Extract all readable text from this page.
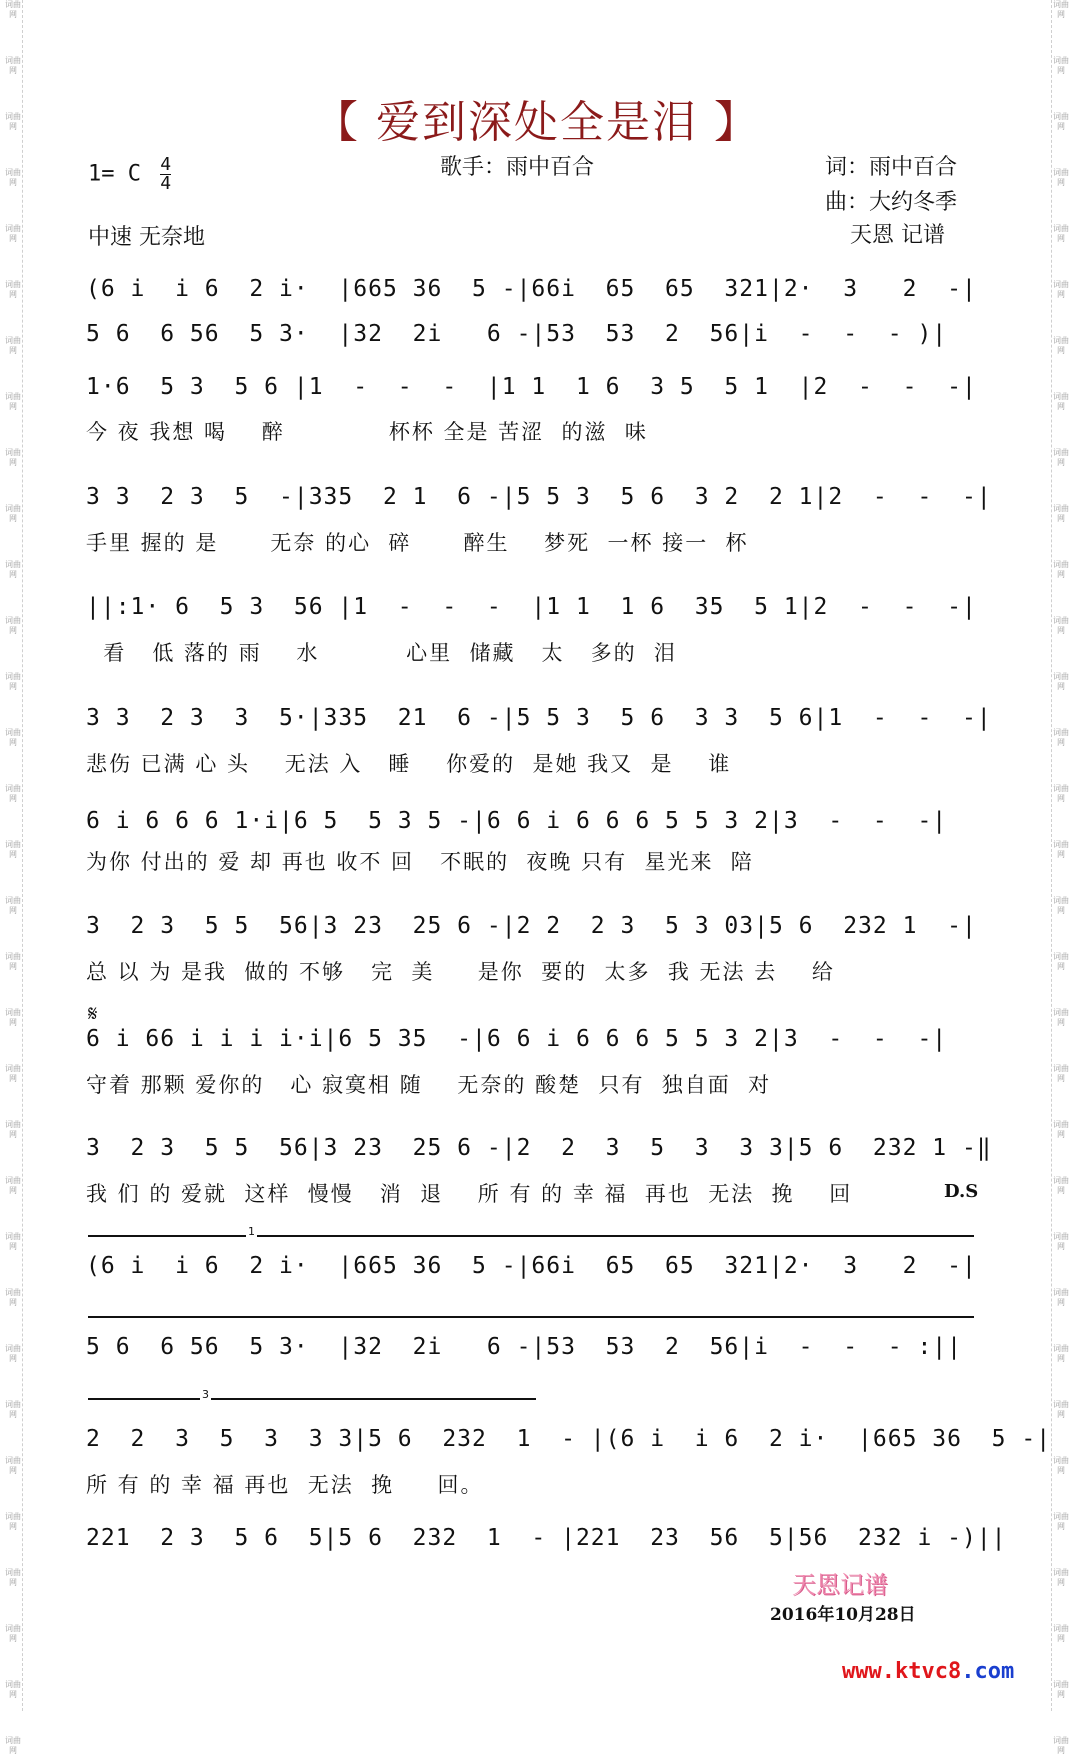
词曲网
词曲网
词曲网
词曲网
词曲网
词曲网
词曲网
词曲网
词曲网
词曲网
词曲网
词曲网
词曲网
词曲网
词曲网
词曲网
词曲网
词曲网
词曲网
词曲网
词曲网
词曲网
词曲网
词曲网
词曲网
词曲网
词曲网
词曲网
词曲网
词曲网
词曲网
词曲网
词曲网
词曲网
词曲网
词曲网
词曲网
词曲网
词曲网
词曲网
词曲网
词曲网
词曲网
词曲网
词曲网
词曲网
词曲网
词曲网
词曲网
词曲网
词曲网
词曲网
词曲网
词曲网
词曲网
词曲网
词曲网
词曲网
词曲网
词曲网
词曲网
词曲网
词曲网
词曲网
【 爱到深处全是泪 】
1= C $\frac{4}{4}$	歌手：雨中百合	词：雨中百合
曲：大约冬季
天恩 记谱
中速 无奈地
(6 i  i 6  2 i·  |665 36  5 -|66i  65  65  321|2·  3   2  -|
5 6  6 56  5 3·  |32  2i   6 -|53  53  2  56|i  -  -  - )|
1·6  5 3  5 6 |1  -  -  -  |1 1  1 6  3 5  5 1  |2  -  -  -|
今 夜 我想 喝    醉            杯杯 全是 苦涩  的滋  味
3 3  2 3  5  -|335  2 1  6 -|5 5 3  5 6  3 2  2 1|2  -  -  -|
手里 握的 是      无奈 的心  碎      醉生    梦死  一杯 接一  杯
||:1· 6  5 3  56 |1  -  -  -  |1 1  1 6  35  5 1|2  -  -  -|
看   低 落的 雨    水          心里  储藏   太   多的  泪
3 3  2 3  3  5·|335  21  6 -|5 5 3  5 6  3 3  5 6|1  -  -  -|
悲伤 已满 心 头    无法 入   睡    你爱的  是她 我又  是    谁
6 i 6 6 6 1·i|6 5  5 3 5 -|6 6 i 6 6 6 5 5 3 2|3  -  -  -|
为你 付出的 爱 却 再也 收不 回   不眠的  夜晚 只有  星光来  陪
3  2 3  5 5  56|3 23  25 6 -|2 2  2 3  5 3 03|5 6  232 1  -|
总 以 为 是我  做的 不够   完  美     是你  要的  太多  我 无法 去    给
𝄋
6 i 66 i i i i·i|6 5 35  -|6 6 i 6 6 6 5 5 3 2|3  -  -  -|
守着 那颗 爱你的   心 寂寞相 随    无奈的 酸楚  只有  独自面  对
3  2 3  5 5  56|3 23  25 6 -|2  2  3  5  3  3 3|5 6  232 1 -‖
我 们 的 爱就  这样  慢慢   消  退    所 有 的 幸 福  再也  无法  挽    回	D.S
1
(6 i  i 6  2 i·  |665 36  5 -|66i  65  65  321|2·  3   2  -|
5 6  6 56  5 3·  |32  2i   6 -|53  53  2  56|i  -  -  - :||
3
2  2  3  5  3  3 3|5 6  232  1  - |(6 i  i 6  2 i·  |665 36  5 -|
所 有 的 幸 福 再也  无法  挽     回。
221  2 3  5 6  5|5 6  232  1  - |221  23  56  5|56  232 i -)||
天恩记谱
2016年10月28日
www.ktvc8.com
